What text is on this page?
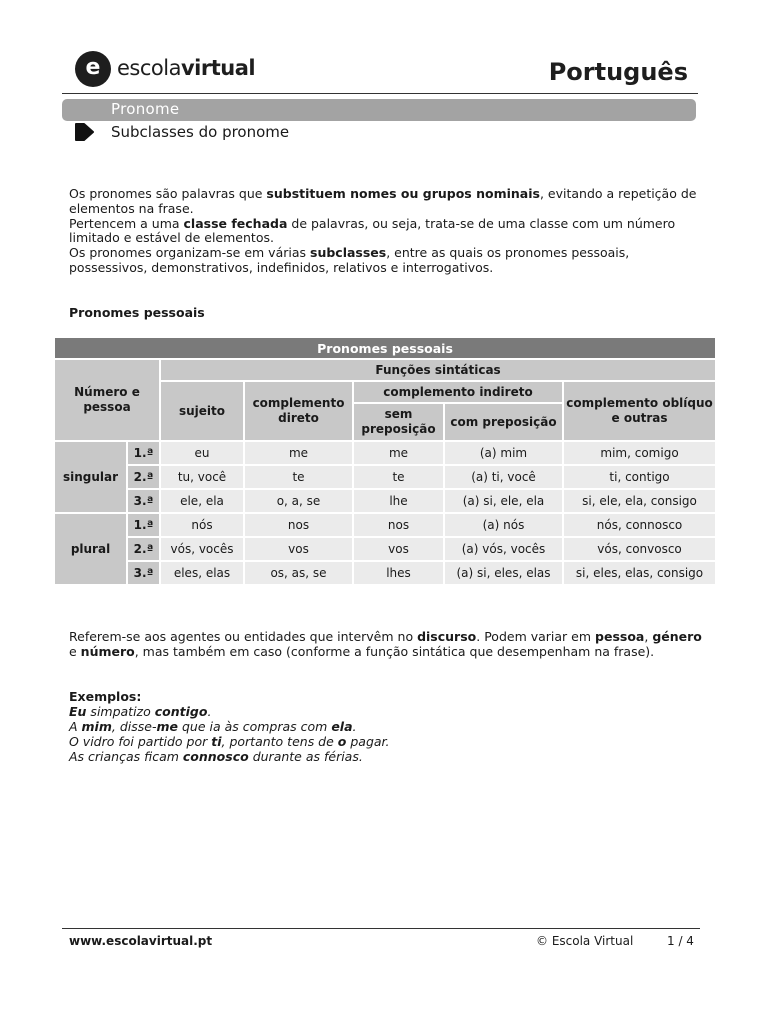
e escolavirtual	Português
Pronome
Subclasses do pronome

Os pronomes são palavras que substituem nomes ou grupos nominais, evitando a repetição de elementos na frase.

Pertencem a uma classe fechada de palavras, ou seja, trata-se de uma classe com um número limitado e estável de elementos.

Os pronomes organizam-se em várias subclasses, entre as quais os pronomes pessoais, possessivos, demonstrativos, indefinidos, relativos e interrogativos.

Pronomes pessoais
Pronomes pessoais						
Número e pessoa		Funções sintáticas				
		sujeito	complemento direto	complemento indireto		complemento oblíquo e outras
				sem preposição	com preposição	
singular	1.ª	eu	me	me	(a) mim	mim, comigo
	2.ª	tu, você	te	te	(a) ti, você	ti, contigo
	3.ª	ele, ela	o, a, se	lhe	(a) si, ele, ela	si, ele, ela, consigo
plural	1.ª	nós	nos	nos	(a) nós	nós, connosco
	2.ª	vós, vocês	vos	vos	(a) vós, vocês	vós, convosco
	3.ª	eles, elas	os, as, se	lhes	(a) si, eles, elas	si, eles, elas, consigo

Referem-se aos agentes ou entidades que intervêm no discurso. Podem variar em pessoa, género e número, mas também em caso (conforme a função sintática que desempenham na frase).

Exemplos:

Eu simpatizo contigo.

A mim, disse-me que ia às compras com ela.

O vidro foi partido por ti, portanto tens de o pagar.

As crianças ficam connosco durante as férias.

www.escolavirtual.pt	© Escola Virtual	1 / 4
